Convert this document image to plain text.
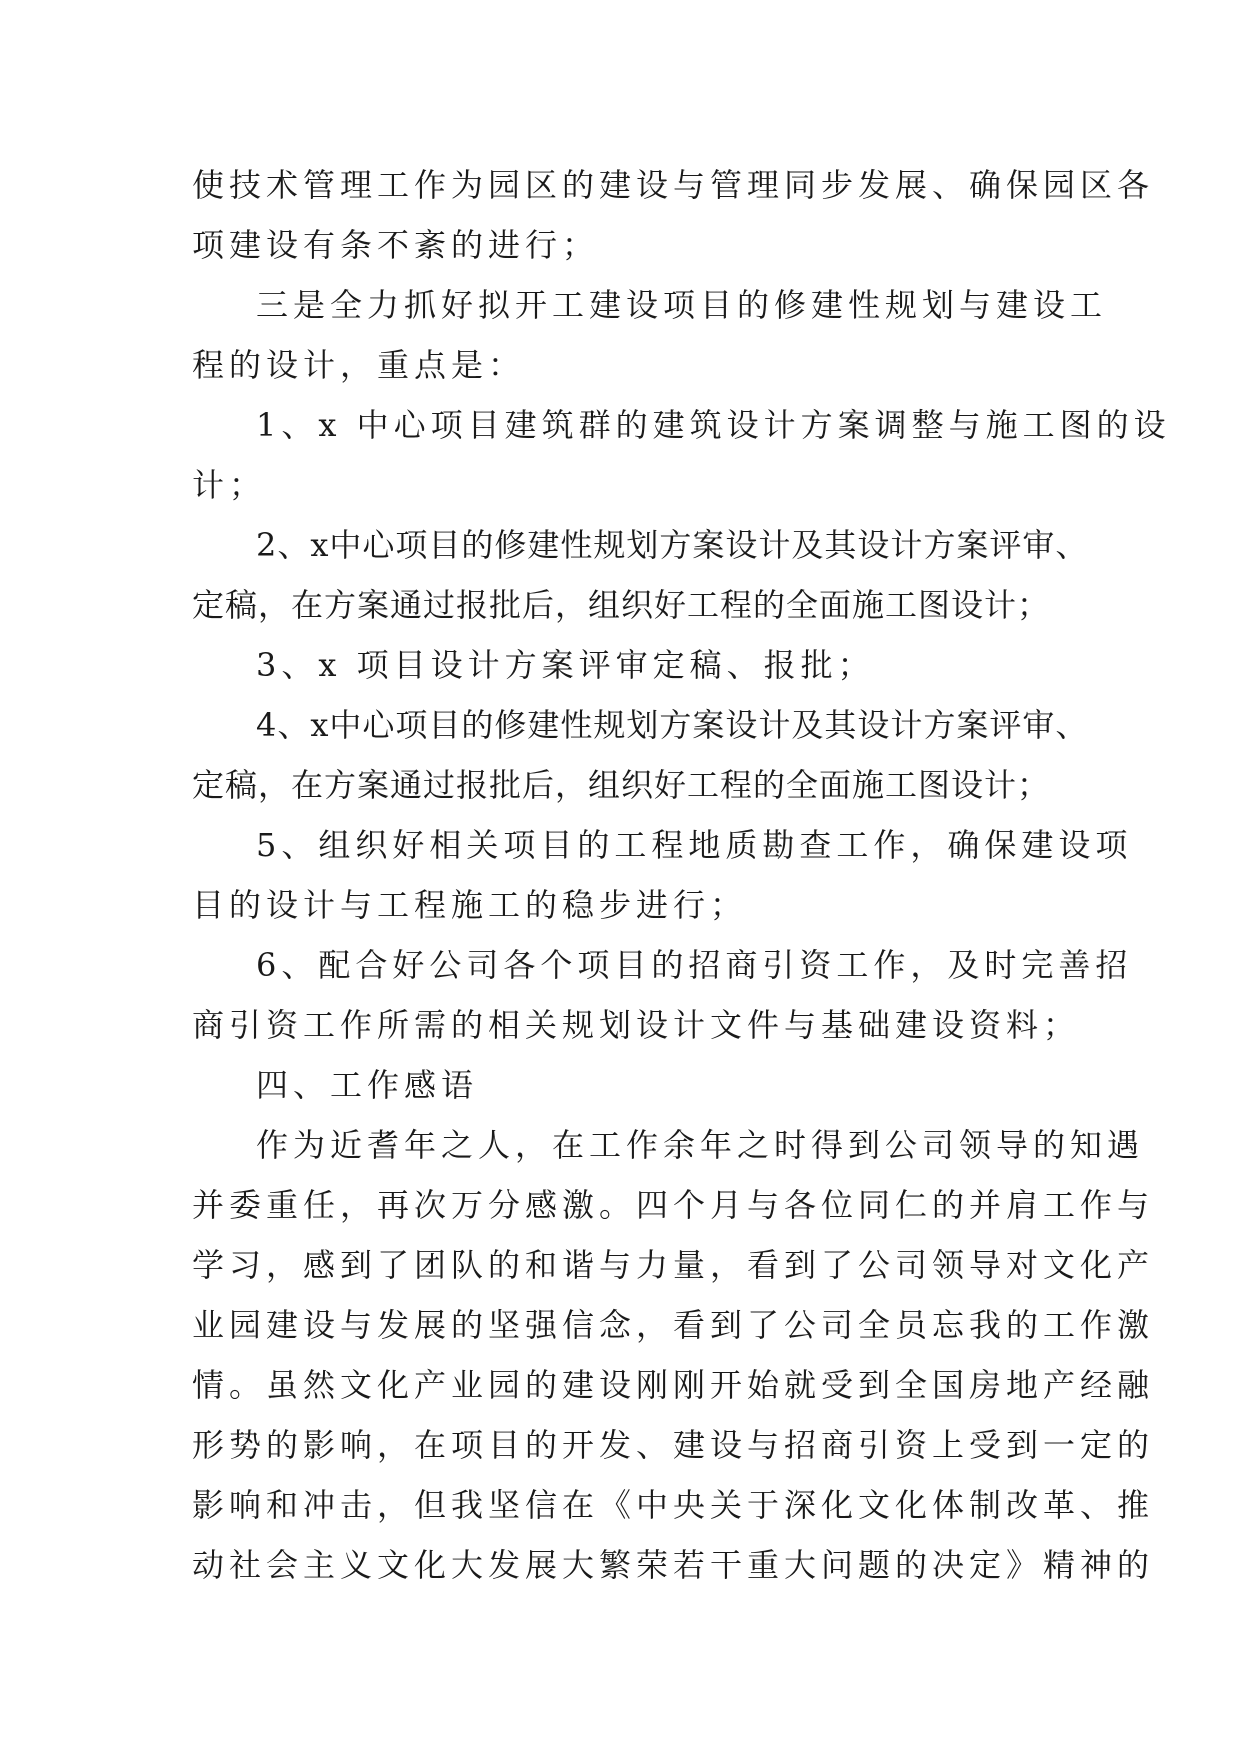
使技术管理工作为园区的建设与管理同步发展、确保园区各
项建设有条不紊的进行；
三是全力抓好拟开工建设项目的修建性规划与建设工
程的设计，重点是：
1、x 中心项目建筑群的建筑设计方案调整与施工图的设
计；
2、x中心项目的修建性规划方案设计及其设计方案评审、
定稿，在方案通过报批后，组织好工程的全面施工图设计；
3、x 项目设计方案评审定稿、报批；
4、x中心项目的修建性规划方案设计及其设计方案评审、
定稿，在方案通过报批后，组织好工程的全面施工图设计；
5、组织好相关项目的工程地质勘查工作，确保建设项
目的设计与工程施工的稳步进行；
6、配合好公司各个项目的招商引资工作，及时完善招
商引资工作所需的相关规划设计文件与基础建设资料；
四、工作感语
作为近耆年之人，在工作余年之时得到公司领导的知遇
并委重任，再次万分感激。四个月与各位同仁的并肩工作与
学习，感到了团队的和谐与力量，看到了公司领导对文化产
业园建设与发展的坚强信念，看到了公司全员忘我的工作激
情。虽然文化产业园的建设刚刚开始就受到全国房地产经融
形势的影响，在项目的开发、建设与招商引资上受到一定的
影响和冲击，但我坚信在《中央关于深化文化体制改革、推
动社会主义文化大发展大繁荣若干重大问题的决定》精神的
